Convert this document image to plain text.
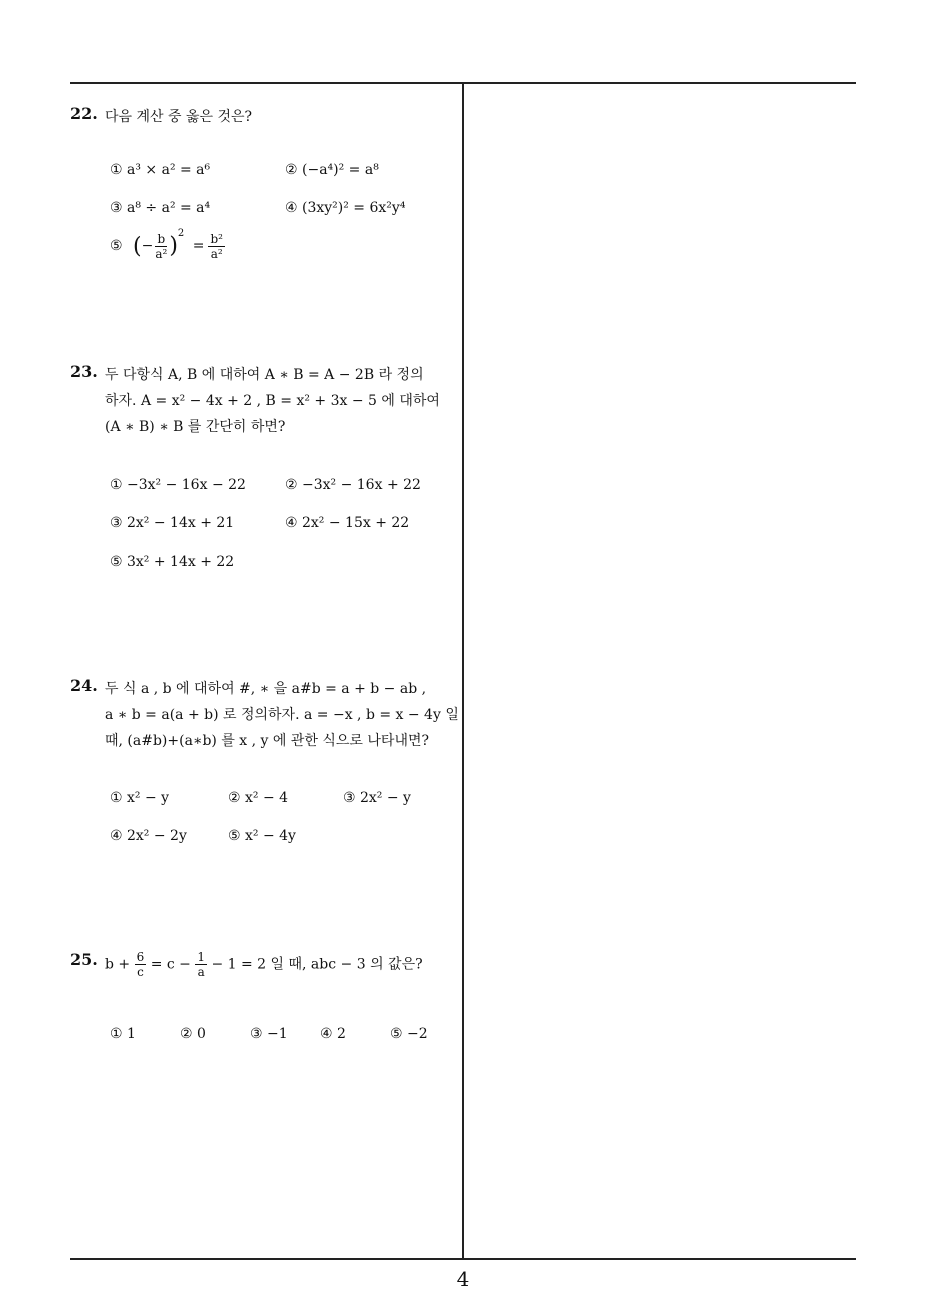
22. 다음 계산 중 옳은 것은?
① a³ × a² = a⁶	② (−a⁴)² = a⁸
③ a⁸ ÷ a² = a⁴	④ (3xy²)² = 6x²y⁴
⑤ (− $\frac{b}{\text{a²}} )^2 = \frac{\text{b²}}{\text{a²}}$
23. 두 다항식 A, B 에 대하여 A ∗ B = A − 2B 라 정의
하자. A = x² − 4x + 2 , B = x² + 3x − 5 에 대하여
(A ∗ B) ∗ B 를 간단히 하면?
① −3x² − 16x − 22	② −3x² − 16x + 22
③ 2x² − 14x + 21	④ 2x² − 15x + 22
⑤ 3x² + 14x + 22
24. 두 식 a , b 에 대하여 #, ∗ 을 a#b = a + b − ab ,
a ∗ b = a(a + b) 로 정의하자. a = −x , b = x − 4y 일
때, (a#b)+(a∗b) 를 x , y 에 관한 식으로 나타내면?
① x² − y	② x² − 4	③ 2x² − y
④ 2x² − 2y	⑤ x² − 4y
25. $b + \frac{6}{c} = c - \frac{1}{a} - 1 = 2$ 일 때, abc − 3 의 값은?
① 1	② 0	③ −1 ④ 2	⑤ −2
4
